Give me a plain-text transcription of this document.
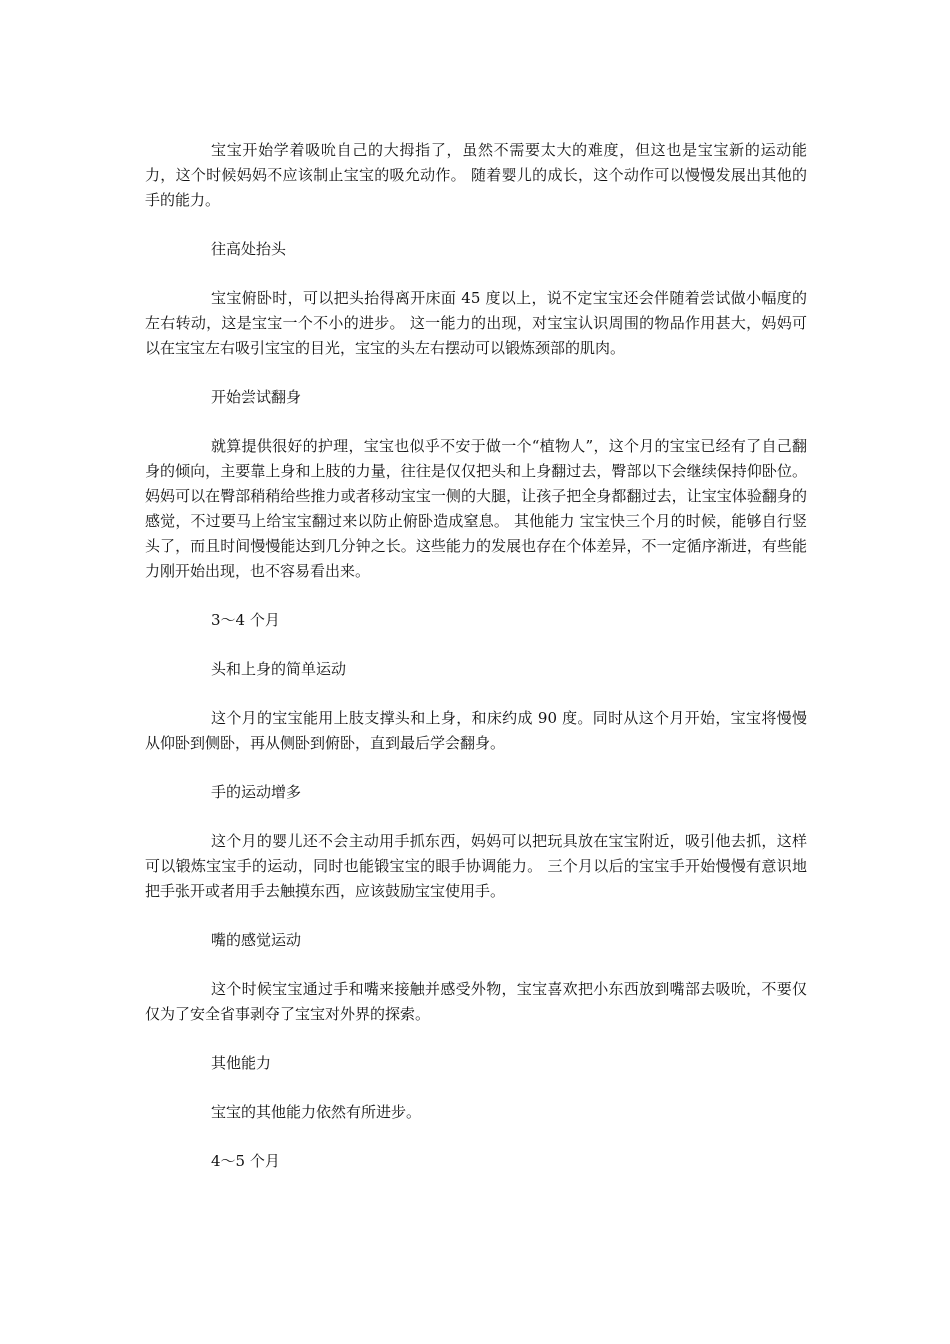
宝宝开始学着吸吮自己的大拇指了，虽然不需要太大的难度，但这也是宝宝新的运动能力，这个时候妈妈不应该制止宝宝的吸允动作。 随着婴儿的成长，这个动作可以慢慢发展出其他的手的能力。

往高处抬头

宝宝俯卧时，可以把头抬得离开床面 45 度以上，说不定宝宝还会伴随着尝试做小幅度的左右转动，这是宝宝一个不小的进步。 这一能力的出现，对宝宝认识周围的物品作用甚大，妈妈可以在宝宝左右吸引宝宝的目光，宝宝的头左右摆动可以锻炼颈部的肌肉。

开始尝试翻身

就算提供很好的护理，宝宝也似乎不安于做一个“植物人”，这个月的宝宝已经有了自己翻身的倾向，主要靠上身和上肢的力量，往往是仅仅把头和上身翻过去，臀部以下会继续保持仰卧位。 妈妈可以在臀部稍稍给些推力或者移动宝宝一侧的大腿，让孩子把全身都翻过去，让宝宝体验翻身的感觉，不过要马上给宝宝翻过来以防止俯卧造成窒息。 其他能力 宝宝快三个月的时候，能够自行竖头了，而且时间慢慢能达到几分钟之长。这些能力的发展也存在个体差异，不一定循序渐进，有些能力刚开始出现，也不容易看出来。

3～4 个月

头和上身的简单运动

这个月的宝宝能用上肢支撑头和上身，和床约成 90 度。同时从这个月开始，宝宝将慢慢从仰卧到侧卧，再从侧卧到俯卧，直到最后学会翻身。

手的运动增多

这个月的婴儿还不会主动用手抓东西，妈妈可以把玩具放在宝宝附近，吸引他去抓，这样可以锻炼宝宝手的运动，同时也能锻宝宝的眼手协调能力。 三个月以后的宝宝手开始慢慢有意识地把手张开或者用手去触摸东西，应该鼓励宝宝使用手。

嘴的感觉运动

这个时候宝宝通过手和嘴来接触并感受外物，宝宝喜欢把小东西放到嘴部去吸吮，不要仅仅为了安全省事剥夺了宝宝对外界的探索。

其他能力

宝宝的其他能力依然有所进步。

4～5 个月
